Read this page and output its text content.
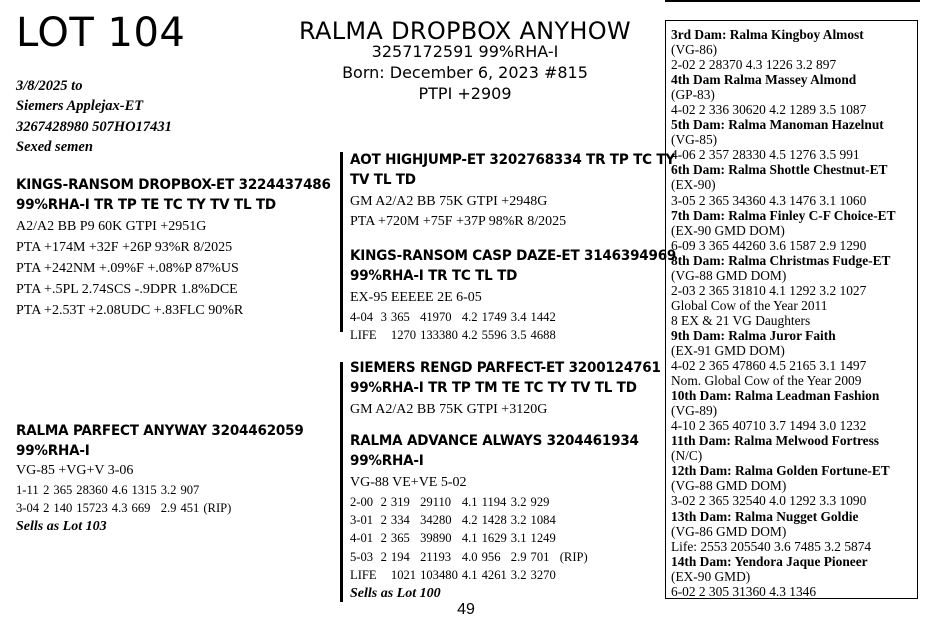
LOT 104	RALMA DROPBOX ANYHOW
3257172591 99%RHA-I
Born: December 6, 2023 #815
PTPI +2909
3/8/2025 to
Siemers Applejax-ET
3267428980 507HO17431
Sexed semen
KINGS-RANSOM DROPBOX-ET 3224437486
99%RHA-I TR TP TE TC TY TV TL TD
A2/A2 BB P9 60K GTPI +2951G
PTA +174M +32F +26P 93%R 8/2025
PTA +242NM +.09%F +.08%P 87%US
PTA +.5PL 2.74SCS -.9DPR 1.8%DCE
PTA +2.53T +2.08UDC +.83FLC 90%R
RALMA PARFECT ANYWAY 3204462059
99%RHA-I
VG-85 +VG+V 3-06
1-11	2	365	28360	4.6	1315	3.2	907	
3-04	2	140	15723	4.3	669	2.9	451	(RIP)
Sells as Lot 103
AOT HIGHJUMP-ET 3202768334 TR TP TC TY
TV TL TD
GM A2/A2 BB 75K GTPI +2948G
PTA +720M +75F +37P 98%R 8/2025
KINGS-RANSOM CASP DAZE-ET 3146394969
99%RHA-I TR TC TL TD
EX-95 EEEEE 2E 6-05
4-04	3	365	41970	4.2	1749	3.4	1442
LIFE		1270	133380	4.2	5596	3.5	4688
SIEMERS RENGD PARFECT-ET 3200124761
99%RHA-I TR TP TM TE TC TY TV TL TD
GM A2/A2 BB 75K GTPI +3120G
RALMA ADVANCE ALWAYS 3204461934
99%RHA-I
VG-88 VE+VE 5-02
2-00	2	319	29110	4.1	1194	3.2	929	
3-01	2	334	34280	4.2	1428	3.2	1084	
4-01	2	365	39890	4.1	1629	3.1	1249	
5-03	2	194	21193	4.0	956	2.9	701	(RIP)
LIFE		1021	103480	4.1	4261	3.2	3270	
Sells as Lot 100
49
3rd Dam: Ralma Kingboy Almost
(VG-86)
2-02 2 28370 4.3 1226 3.2 897
4th Dam Ralma Massey Almond
(GP-83)
4-02 2 336 30620 4.2 1289 3.5 1087
5th Dam: Ralma Manoman Hazelnut
(VG-85)
4-06 2 357 28330 4.5 1276 3.5 991
6th Dam: Ralma Shottle Chestnut-ET
(EX-90)
3-05 2 365 34360 4.3 1476 3.1 1060
7th Dam: Ralma Finley C-F Choice-ET
(EX-90 GMD DOM)
6-09 3 365 44260 3.6 1587 2.9 1290
8th Dam: Ralma Christmas Fudge-ET
(VG-88 GMD DOM)
2-03 2 365 31810 4.1 1292 3.2 1027
Global Cow of the Year 2011
8 EX & 21 VG Daughters
9th Dam: Ralma Juror Faith
(EX-91 GMD DOM)
4-02 2 365 47860 4.5 2165 3.1 1497
Nom. Global Cow of the Year 2009
10th Dam: Ralma Leadman Fashion
(VG-89)
4-10 2 365 40710 3.7 1494 3.0 1232
11th Dam: Ralma Melwood Fortress
(N/C)
12th Dam: Ralma Golden Fortune-ET
(VG-88 GMD DOM)
3-02 2 365 32540 4.0 1292 3.3 1090
13th Dam: Ralma Nugget Goldie
(VG-86 GMD DOM)
Life: 2553 205540 3.6 7485 3.2 5874
14th Dam: Yendora Jaque Pioneer
(EX-90 GMD)
6-02 2 305 31360 4.3 1346
